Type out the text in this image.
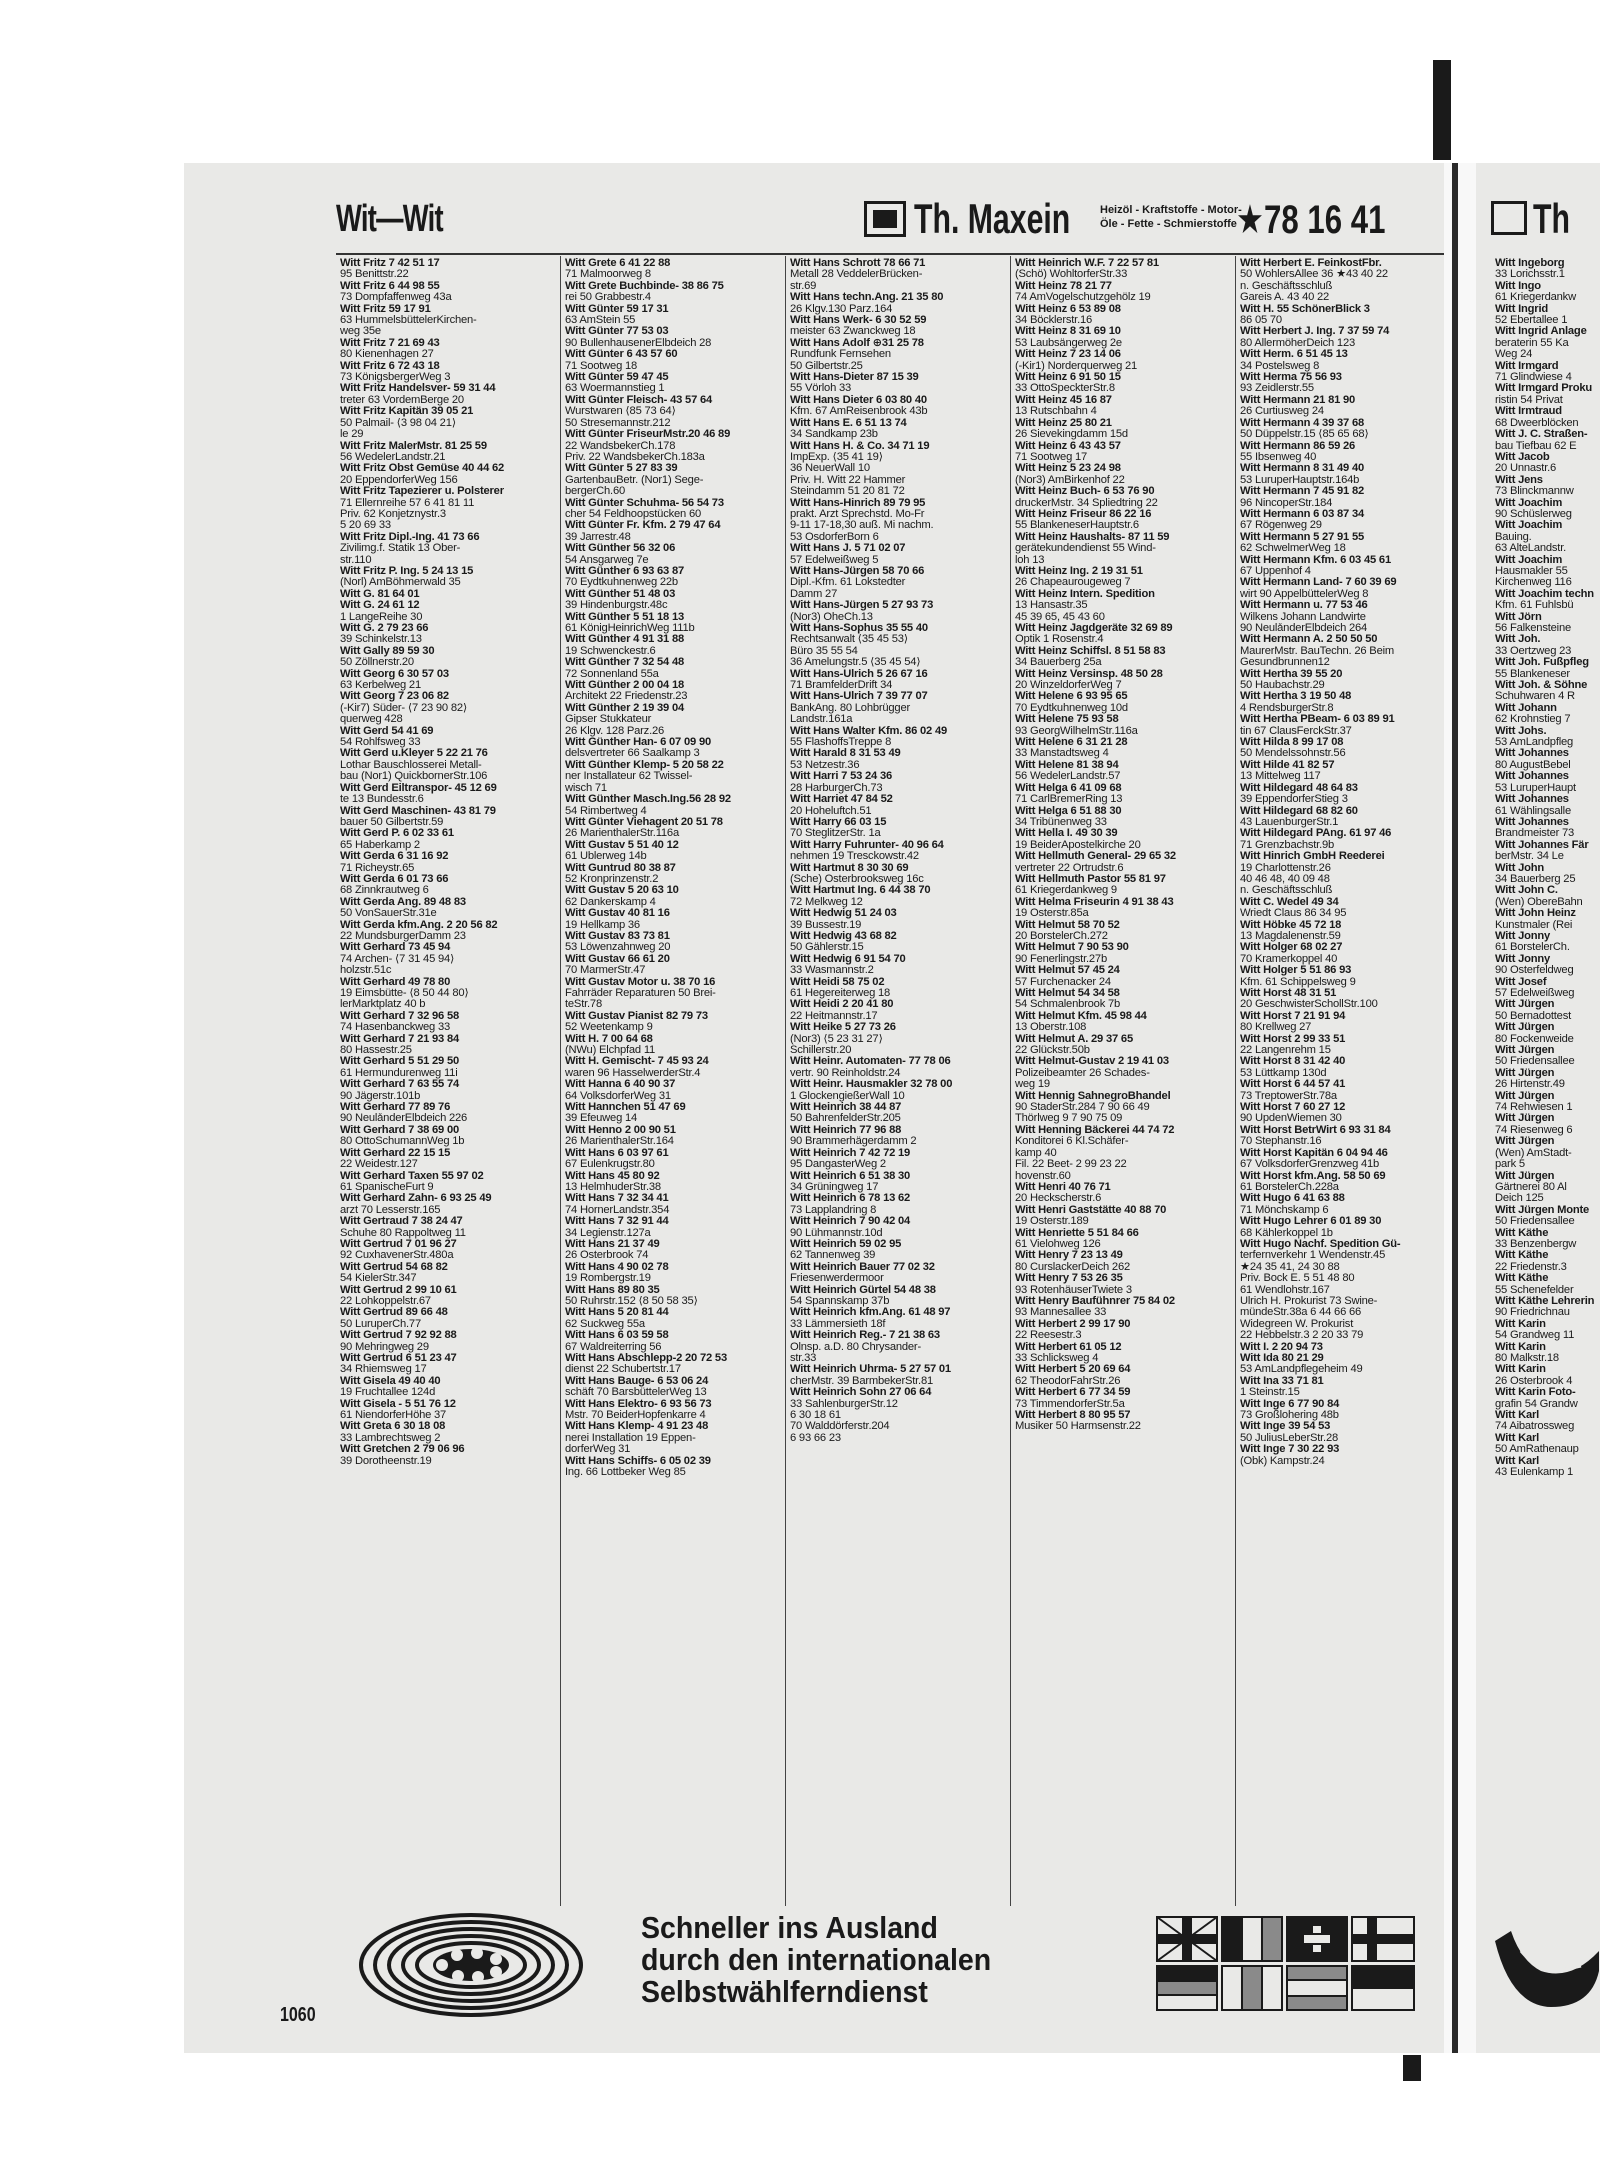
Wit—Wit	Th. Maxein	Heizöl - Kraftstoffe - Motor-
Öle - Fette - Schmierstoffe ★78 16 41	Th
Witt Fritz 7 42 51 17
95 Benittstr.22
Witt Fritz 6 44 98 55
73 Dompfaffenweg 43a
Witt Fritz 59 17 91
63 HummelsbüttelerKirchen-
weg 35e
Witt Fritz 7 21 69 43
80 Kienenhagen 27
Witt Fritz 6 72 43 18
73 KönigsbergerWeg 3
Witt Fritz Handelsver- 59 31 44
treter 63 VordemBerge 20
Witt Fritz Kapitän 39 05 21
50 Palmail- ⟨3 98 04 21⟩
le 29
Witt Fritz MalerMstr. 81 25 59
56 WedelerLandstr.21
Witt Fritz Obst Gemüse 40 44 62
20 EppendorferWeg 156
Witt Fritz Tapezierer u. Polsterer
71 Ellernreihe 57 6 41 81 11
Priv. 62 Konjetznystr.3
5 20 69 33
Witt Fritz Dipl.-Ing. 41 73 66
Zivilimg.f. Statik 13 Ober-
str.110
Witt Fritz P. Ing. 5 24 13 15
(Norl) AmBöhmerwald 35
Witt G. 81 64 01
Witt G. 24 61 12
1 LangeReihe 30
Witt G. 2 79 23 66
39 Schinkelstr.13
Witt Gally 89 59 30
50 Zöllnerstr.20
Witt Georg 6 30 57 03
63 Kerbelweg 21
Witt Georg 7 23 06 82
(-Kir7) Süder- ⟨7 23 90 82⟩
querweg 428
Witt Gerd 54 41 69
54 Rohlfsweg 33
Witt Gerd u.Kleyer 5 22 21 76
Lothar Bauschlosserei Metall-
bau (Nor1) QuickbornerStr.106
Witt Gerd Eiltranspor- 45 12 69
te 13 Bundesstr.6
Witt Gerd Maschinen- 43 81 79
bauer 50 Gilbertstr.59
Witt Gerd P. 6 02 33 61
65 Haberkamp 2
Witt Gerda 6 31 16 92
71 Richeystr.65
Witt Gerda 6 01 73 66
68 Zinnkrautweg 6
Witt Gerda Ang. 89 48 83
50 VonSauerStr.31e
Witt Gerda kfm.Ang. 2 20 56 82
22 MundsburgerDamm 23
Witt Gerhard 73 45 94
74 Archen- ⟨7 31 45 94⟩
holzstr.51c
Witt Gerhard 49 78 80
19 Eimsbütte- ⟨8 50 44 80⟩
lerMarktplatz 40 b
Witt Gerhard 7 32 96 58
74 Hasenbanckweg 33
Witt Gerhard 7 21 93 84
80 Hassestr.25
Witt Gerhard 5 51 29 50
61 Hermundurenweg 11i
Witt Gerhard 7 63 55 74
90 Jägerstr.101b
Witt Gerhard 77 89 76
90 NeulånderElbdeich 226
Witt Gerhard 7 38 69 00
80 OttoSchumannWeg 1b
Witt Gerhard 22 15 15
22 Weidestr.127
Witt Gerhard Taxen 55 97 02
61 SpanischeFurt 9
Witt Gerhard Zahn- 6 93 25 49
arzt 70 Lesserstr.165
Witt Gertraud 7 38 24 47
Schuhe 80 Rappoltweg 11
Witt Gertrud 7 01 96 27
92 CuxhavenerStr.480a
Witt Gertrud 54 68 82
54 KielerStr.347
Witt Gertrud 2 99 10 61
22 Lohkoppelstr.67
Witt Gertrud 89 66 48
50 LuruperCh.77
Witt Gertrud 7 92 92 88
90 Mehringweg 29
Witt Gertrud 6 51 23 47
34 Rhiemsweg 17
Witt Gisela 49 40 40
19 Fruchtallee 124d
Witt Gisela - 5 51 76 12
61 NiendorferHöhe 37
Witt Greta 6 30 18 08
33 Lambrechtsweg 2
Witt Gretchen 2 79 06 96
39 Dorotheenstr.19
Witt Grete 6 41 22 88
71 Malmoorweg 8
Witt Grete Buchbinde- 38 86 75
rei 50 Grabbestr.4
Witt Günter 59 17 31
63 AmStein 55
Witt Günter 77 53 03
90 BullenhausenerElbdeich 28
Witt Günter 6 43 57 60
71 Sootweg 18
Witt Günter 59 47 45
63 Woermannstieg 1
Witt Günter Fleisch- 43 57 64
Wurstwaren ⟨85 73 64⟩
50 Stresemannstr.212
Witt Günter FriseurMstr.20 46 89
22 WandsbekerCh.178
Priv. 22 WandsbekerCh.183a
Witt Günter 5 27 83 39
GartenbauBetr. (Nor1) Sege-
bergerCh.60
Witt Günter Schuhma- 56 54 73
cher 54 Feldhoopstücken 60
Witt Günter Fr. Kfm. 2 79 47 64
39 Jarrestr.48
Witt Günther 56 32 06
54 Ansgarweg 7e
Witt Günther 6 93 63 87
70 Eydtkuhnenweg 22b
Witt Günther 51 48 03
39 Hindenburgstr.48c
Witt Günther 5 51 18 13
61 KönigHeinrichWeg 111b
Witt Günther 4 91 31 88
19 Schwenckestr.6
Witt Günther 7 32 54 48
72 Sonnenland 55a
Witt Günther 2 00 04 18
Architekt 22 Friedenstr.23
Witt Günther 2 19 39 04
Gipser Stukkateur
26 Klgv. 128 Parz.26
Witt Günther Han- 6 07 09 90
delsvertreter 66 Saalkamp 3
Witt Günther Klemp- 5 20 58 22
ner Installateur 62 Twissel-
wisch 71
Witt Günther Masch.Ing.56 28 92
54 Rimbertweg 4
Witt Günter Viehagent 20 51 78
26 MarienthalerStr.116a
Witt Gustav 5 51 40 12
61 Ublerweg 14b
Witt Guntrud 80 38 87
52 Kronprinzenstr.2
Witt Gustav 5 20 63 10
62 Dankerskamp 4
Witt Gustav 40 81 16
19 Hellkamp 36
Witt Gustav 83 73 81
53 Löwenzahnweg 20
Witt Gustav 66 61 20
70 MarmerStr.47
Witt Gustav Motor u. 38 70 16
Fahrräder Reparaturen 50 Brei-
teStr.78
Witt Gustav Pianist 82 79 73
52 Weetenkamp 9
Witt H. 7 00 64 68
(NWu) Elchpfad 11
Witt H. Gemischt- 7 45 93 24
waren 96 HasselwerderStr.4
Witt Hanna 6 40 90 37
64 VolksdorferWeg 31
Witt Hannchen 51 47 69
39 Efeuweg 14
Witt Henno 2 00 90 51
26 MarienthalerStr.164
Witt Hans 6 03 97 61
67 Eulenkrugstr.80
Witt Hans 45 80 92
13 HelmhuderStr.38
Witt Hans 7 32 34 41
74 HornerLandstr.354
Witt Hans 7 32 91 44
34 Legienstr.127a
Witt Hans 21 37 49
26 Osterbrook 74
Witt Hans 4 90 02 78
19 Rombergstr.19
Witt Hans 89 80 35
50 Ruhrstr.152 ⟨8 50 58 35⟩
Witt Hans 5 20 81 44
62 Suckweg 55a
Witt Hans 6 03 59 58
67 Waldreiterring 56
Witt Hans Abschlepp-2 20 72 53
dienst 22 Schubertstr.17
Witt Hans Bauge- 6 53 06 24
schäft 70 BarsbüttelerWeg 13
Witt Hans Elektro- 6 93 56 73
Mstr. 70 BeiderHopfenkarre 4
Witt Hans Klemp- 4 91 23 48
nerei Installation 19 Eppen-
dorferWeg 31
Witt Hans Schiffs- 6 05 02 39
Ing. 66 Lottbeker Weg 85
Witt Hans Schrott 78 66 71
Metall 28 VeddelerBrücken-
str.69
Witt Hans techn.Ang. 21 35 80
26 Klgv.130 Parz.164
Witt Hans Werk- 6 30 52 59
meister 63 Zwanckweg 18
Witt Hans Adolf ⊕31 25 78
Rundfunk Fernsehen
50 Gilbertstr.25
Witt Hans-Dieter 87 15 39
55 Vörloh 33
Witt Hans Dieter 6 03 80 40
Kfm. 67 AmReisenbrook 43b
Witt Hans E. 6 51 13 74
34 Sandkamp 23b
Witt Hans H. & Co. 34 71 19
ImpExp. ⟨35 41 19⟩
36 NeuerWall 10
Priv. H. Witt 22 Hammer
Steindamm 51 20 81 72
Witt Hans-Hinrich 89 79 95
prakt. Arzt Sprechstd. Mo-Fr
9-11 17-18,30 auß. Mi nachm.
53 OsdorferBorn 6
Witt Hans J. 5 71 02 07
57 Edelweißweg 5
Witt Hans-Jürgen 58 70 66
Dipl.-Kfm. 61 Lokstedter
Damm 27
Witt Hans-Jürgen 5 27 93 73
(Nor3) OheCh.13
Witt Hans-Sophus 35 55 40
Rechtsanwalt ⟨35 45 53⟩
Büro 35 55 54
36 Amelungstr.5 ⟨35 45 54⟩
Witt Hans-Ulrich 5 26 67 16
71 BramfelderDrift 34
Witt Hans-Ulrich 7 39 77 07
BankAng. 80 Lohbrügger
Landstr.161a
Witt Hans Walter Kfm. 86 02 49
55 FlashoffsTreppe 8
Witt Harald 8 31 53 49
53 Netzestr.36
Witt Harri 7 53 24 36
28 HarburgerCh.73
Witt Harriet 47 84 52
20 Hoheluftch.51
Witt Harry 66 03 15
70 SteglitzerStr. 1a
Witt Harry Fuhrunter- 40 96 64
nehmen 19 Tresckowstr.42
Witt Hartmut 8 30 30 69
(Sche) Osterbrooksweg 16c
Witt Hartmut Ing. 6 44 38 70
72 Melkweg 12
Witt Hedwig 51 24 03
39 Bussestr.19
Witt Hedwig 43 68 82
50 Gählerstr.15
Witt Hedwig 6 91 54 70
33 Wasmannstr.2
Witt Heidi 58 75 02
61 Hegereiterweg 18
Witt Heidi 2 20 41 80
22 Heitmannstr.17
Witt Heike 5 27 73 26
(Nor3) ⟨5 23 31 27⟩
Schillerstr.20
Witt Heinr. Automaten- 77 78 06
vertr. 90 Reinholdstr.24
Witt Heinr. Hausmakler 32 78 00
1 GlockengießerWall 10
Witt Heinrich 38 44 87
50 BahrenfelderStr.205
Witt Heinrich 77 96 88
90 Brammerhägerdamm 2
Witt Heinrich 7 42 72 19
95 DangasterWeg 2
Witt Heinrich 6 51 38 30
34 Grüningweg 17
Witt Heinrich 6 78 13 62
73 Lapplandring 8
Witt Heinrich 7 90 42 04
90 Lühmannstr.10d
Witt Heinrich 59 02 95
62 Tannenweg 39
Witt Heinrich Bauer 77 02 32
Friesenwerdermoor
Witt Heinrich Gürtel 54 48 38
54 Spannskamp 37b
Witt Heinrich kfm.Ang. 61 48 97
33 Lämmersieth 18f
Witt Heinrich Reg.- 7 21 38 63
Olnsp. a.D. 80 Chrysander-
str.33
Witt Heinrich Uhrma- 5 27 57 01
cherMstr. 39 BarmbekerStr.81
Witt Heinrich Sohn 27 06 64
33 SahlenburgerStr.12
6 30 18 61
70 Walddörferstr.204
6 93 66 23
Witt Heinrich W.F. 7 22 57 81
(Schö) WohltorferStr.33
Witt Heinz 78 21 77
74 AmVogelschutzgehölz 19
Witt Heinz 6 53 89 08
34 Böcklerstr.16
Witt Heinz 8 31 69 10
53 Laubsängerweg 2e
Witt Heinz 7 23 14 06
(-Kir1) Norderquerweg 21
Witt Heinz 6 91 50 15
33 OttoSpeckterStr.8
Witt Heinz 45 16 87
13 Rutschbahn 4
Witt Heinz 25 80 21
26 Sievekingdamm 15d
Witt Heinz 6 43 43 57
71 Sootweg 17
Witt Heinz 5 23 24 98
(Nor3) AmBirkenhof 22
Witt Heinz Buch- 6 53 76 90
druckerMstr. 34 Spliedtring 22
Witt Heinz Friseur 86 22 16
55 BlankeneserHauptstr.6
Witt Heinz Haushalts- 87 11 59
gerätekundendienst 55 Wind-
loh 13
Witt Heinz Ing. 2 19 31 51
26 Chapeaurougeweg 7
Witt Heinz Intern. Spedition
13 Hansastr.35
45 39 65, 45 43 60
Witt Heinz Jagdgeräte 32 69 89
Optik 1 Rosenstr.4
Witt Heinz Schiffsl. 8 51 58 83
34 Bauerberg 25a
Witt Heinz Versinsp. 48 50 28
20 WinzeldorferWeg 7
Witt Helene 6 93 95 65
70 Eydtkuhnenweg 10d
Witt Helene 75 93 58
93 GeorgWilhelmStr.116a
Witt Helene 6 31 21 28
33 Manstadtsweg 4
Witt Helene 81 38 94
56 WedelerLandstr.57
Witt Helga 6 41 09 68
71 CarlBremerRing 13
Witt Helga 6 51 88 30
34 Tribünenweg 33
Witt Hella I. 49 30 39
19 BeiderApostelkirche 20
Witt Hellmuth General- 29 65 32
vertreter 22 Ortrudstr.6
Witt Hellmuth Pastor 55 81 97
61 Kriegerdankweg 9
Witt Helma Friseurin 4 91 38 43
19 Osterstr.85a
Witt Helmut 58 70 52
20 BorstelerCh.272
Witt Helmut 7 90 53 90
90 Fenerlingstr.27b
Witt Helmut 57 45 24
57 Furchenacker 24
Witt Helmut 54 34 58
54 Schmalenbrook 7b
Witt Helmut Kfm. 45 98 44
13 Oberstr.108
Witt Helmut A. 29 37 65
22 Glückstr.50b
Witt Helmut-Gustav 2 19 41 03
Polizeibeamter 26 Schades-
weg 19
Witt Hennig SahnegroBhandel
90 StaderStr.284 7 90 66 49
Thörlweg 9 7 90 75 09
Witt Henning Bäckerei 44 74 72
Konditorei 6 Kl.Schäfer-
kamp 40
Fil. 22 Beet- 2 99 23 22
hovenstr.60
Witt Henri 40 76 71
20 Heckscherstr.6
Witt Henri Gaststätte 40 88 70
19 Osterstr.189
Witt Henriette 5 51 84 66
61 Vielohweg 126
Witt Henry 7 23 13 49
80 CurslackerDeich 262
Witt Henry 7 53 26 35
93 RotenhäuserTwiete 3
Witt Henry Baufühnrer 75 84 02
93 Mannesallee 33
Witt Herbert 2 99 17 90
22 Reesestr.3
Witt Herbert 61 05 12
33 Schlicksweg 4
Witt Herbert 5 20 69 64
62 TheodorFahrStr.26
Witt Herbert 6 77 34 59
73 TimmendorferStr.5a
Witt Herbert 8 80 95 57
Musiker 50 Harmsenstr.22
Witt Herbert E. FeinkostFbr.
50 WohlersAllee 36 ★43 40 22
n. Geschäftsschluß
Gareis A. 43 40 22
Witt H. 55 SchönerBlick 3
86 05 70
Witt Herbert J. Ing. 7 37 59 74
80 AllermöherDeich 123
Witt Herm. 6 51 45 13
34 Postelsweg 8
Witt Herma 75 56 93
93 Zeidlerstr.55
Witt Hermann 21 81 90
26 Curtiusweg 24
Witt Hermann 4 39 37 68
50 Düppelstr.15 ⟨85 65 68⟩
Witt Hermann 86 59 26
55 Ibsenweg 40
Witt Hermann 8 31 49 40
53 LuruperHauptstr.164b
Witt Hermann 7 45 91 82
96 NincoperStr.184
Witt Hermann 6 03 87 34
67 Rögenweg 29
Witt Hermann 5 27 91 55
62 SchwelmerWeg 18
Witt Hermann Kfm. 6 03 45 61
67 Uppenhof 4
Witt Hermann Land- 7 60 39 69
wirt 90 AppelbüttelerWeg 8
Witt Hermann u. 77 53 46
Wilkens Johann Landwirte
90 NeulånderElbdeich 264
Witt Hermann A. 2 50 50 50
MaurerMstr. BauTechn. 26 Beim
Gesundbrunnen12
Witt Hertha 39 55 20
50 Haubachstr.29
Witt Hertha 3 19 50 48
4 RendsburgerStr.8
Witt Hertha PBeam- 6 03 89 91
tin 67 ClausFerckStr.37
Witt Hilda 8 99 17 08
50 Mendelssohnstr.56
Witt Hilde 41 82 57
13 Mittelweg 117
Witt Hildegard 48 64 83
39 EppendorferStieg 3
Witt Hildegard 68 82 60
43 LauenburgerStr.1
Witt Hildegard PAng. 61 97 46
71 Grenzbachstr.9b
Witt Hinrich GmbH Reederei
19 Charlottenstr.26
40 46 48, 40 09 48
n. Geschäftsschluß
Witt C. Wedel 49 34
Wriedt Claus 86 34 95
Witt Höbke 45 72 18
13 Magdalenenstr.59
Witt Holger 68 02 27
70 Kramerkoppel 40
Witt Holger 5 51 86 93
Kfm. 61 Schippelsweg 9
Witt Horst 48 31 51
20 GeschwisterSchollStr.100
Witt Horst 7 21 91 94
80 Krellweg 27
Witt Horst 2 99 33 51
22 Langenrehm 15
Witt Horst 8 31 42 40
53 Lüttkamp 130d
Witt Horst 6 44 57 41
73 TreptowerStr.78a
Witt Horst 7 60 27 12
90 UpdenWiemen 30
Witt Horst BetrWirt 6 93 31 84
70 Stephanstr.16
Witt Horst Kapitän 6 04 94 46
67 VolksdorferGrenzweg 41b
Witt Horst kfm.Ang. 58 50 69
61 BorstelerCh.228a
Witt Hugo 6 41 63 88
71 Mönchskamp 6
Witt Hugo Lehrer 6 01 89 30
68 Kählerkoppel 1b
Witt Hugo Nachf. Spedition Gü-
terfernverkehr 1 Wendenstr.45
★24 35 41, 24 30 88
Priv. Bock E. 5 51 48 80
61 Wendlohstr.167
Ulrich H. Prokurist 73 Swine-
mündeStr.38a 6 44 66 66
Widegreen W. Prokurist
22 Hebbelstr.3 2 20 33 79
Witt I. 2 20 94 73
Witt Ida 80 21 29
53 AmLandpflegeheim 49
Witt Ina 33 71 81
1 Steinstr.15
Witt Inge 6 77 90 84
73 Großlohering 48b
Witt Inge 39 54 53
50 JuliusLeberStr.28
Witt Inge 7 30 22 93
(Obk) Kampstr.24
Witt Ingeborg
33 Lorichsstr.1
Witt Ingo
61 Kriegerdankw
Witt Ingrid
52 Ebertallee 1
Witt Ingrid Anlage
beraterin 55 Ka
Weg 24
Witt Irmgard
71 Glindwiese 4
Witt Irmgard Proku
ristin 54 Privat
Witt Irmtraud
68 Dweerblöcken
Witt J. C. Straßen-
bau Tiefbau 62 E
Witt Jacob
20 Unnastr.6
Witt Jens
73 Blinckmannw
Witt Joachim
90 Schüslerweg
Witt Joachim
Bauing.
63 AlteLandstr.
Witt Joachim
Hausmakler 55
Kirchenweg 116
Witt Joachim techn
Kfm. 61 Fuhlsbü
Witt Jörn
56 Falkensteine
Witt Joh.
33 Oertzweg 23
Witt Joh. Fußpfleg
55 Blankeneser
Witt Joh. & Söhne
Schuhwaren 4 R
Witt Johann
62 Krohnstieg 7
Witt Johs.
53 AmLandpfleg
Witt Johannes
80 AugustBebel
Witt Johannes
53 LuruperHaupt
Witt Johannes
61 Wählingsalle
Witt Johannes
Brandmeister 73
Witt Johannes Fär
berMstr. 34 Le
Witt John
34 Bauerberg 25
Witt John C.
(Wen) ObereBahn
Witt John Heinz
Kunstmaler (Rei
Witt Jonny
61 BorstelerCh.
Witt Jonny
90 Osterfeldweg
Witt Josef
57 Edelweißweg
Witt Jürgen
50 Bernadottest
Witt Jürgen
80 Fockenweide
Witt Jürgen
50 Friedensallee
Witt Jürgen
26 Hirtenstr.49
Witt Jürgen
74 Rehwiesen 1
Witt Jürgen
74 Riesenweg 6
Witt Jürgen
(Wen) AmStadt-
park 5
Witt Jürgen
Gärtnerei 80 Al
Deich 125
Witt Jürgen Monte
50 Friedensallee
Witt Käthe
33 Benzenbergw
Witt Käthe
22 Friedenstr.3
Witt Käthe
55 Schenefelder
Witt Käthe Lehrerin
90 Friedrichnau
Witt Karin
54 Grandweg 11
Witt Karin
80 Malkstr.18
Witt Karin
26 Osterbrook 4
Witt Karin Foto-
grafin 54 Grandw
Witt Karl
74 Aibatrossweg
Witt Karl
50 AmRathenaup
Witt Karl
43 Eulenkamp 1
Schneller ins Ausland
durch den internationalen
Selbstwählferndienst
1060
